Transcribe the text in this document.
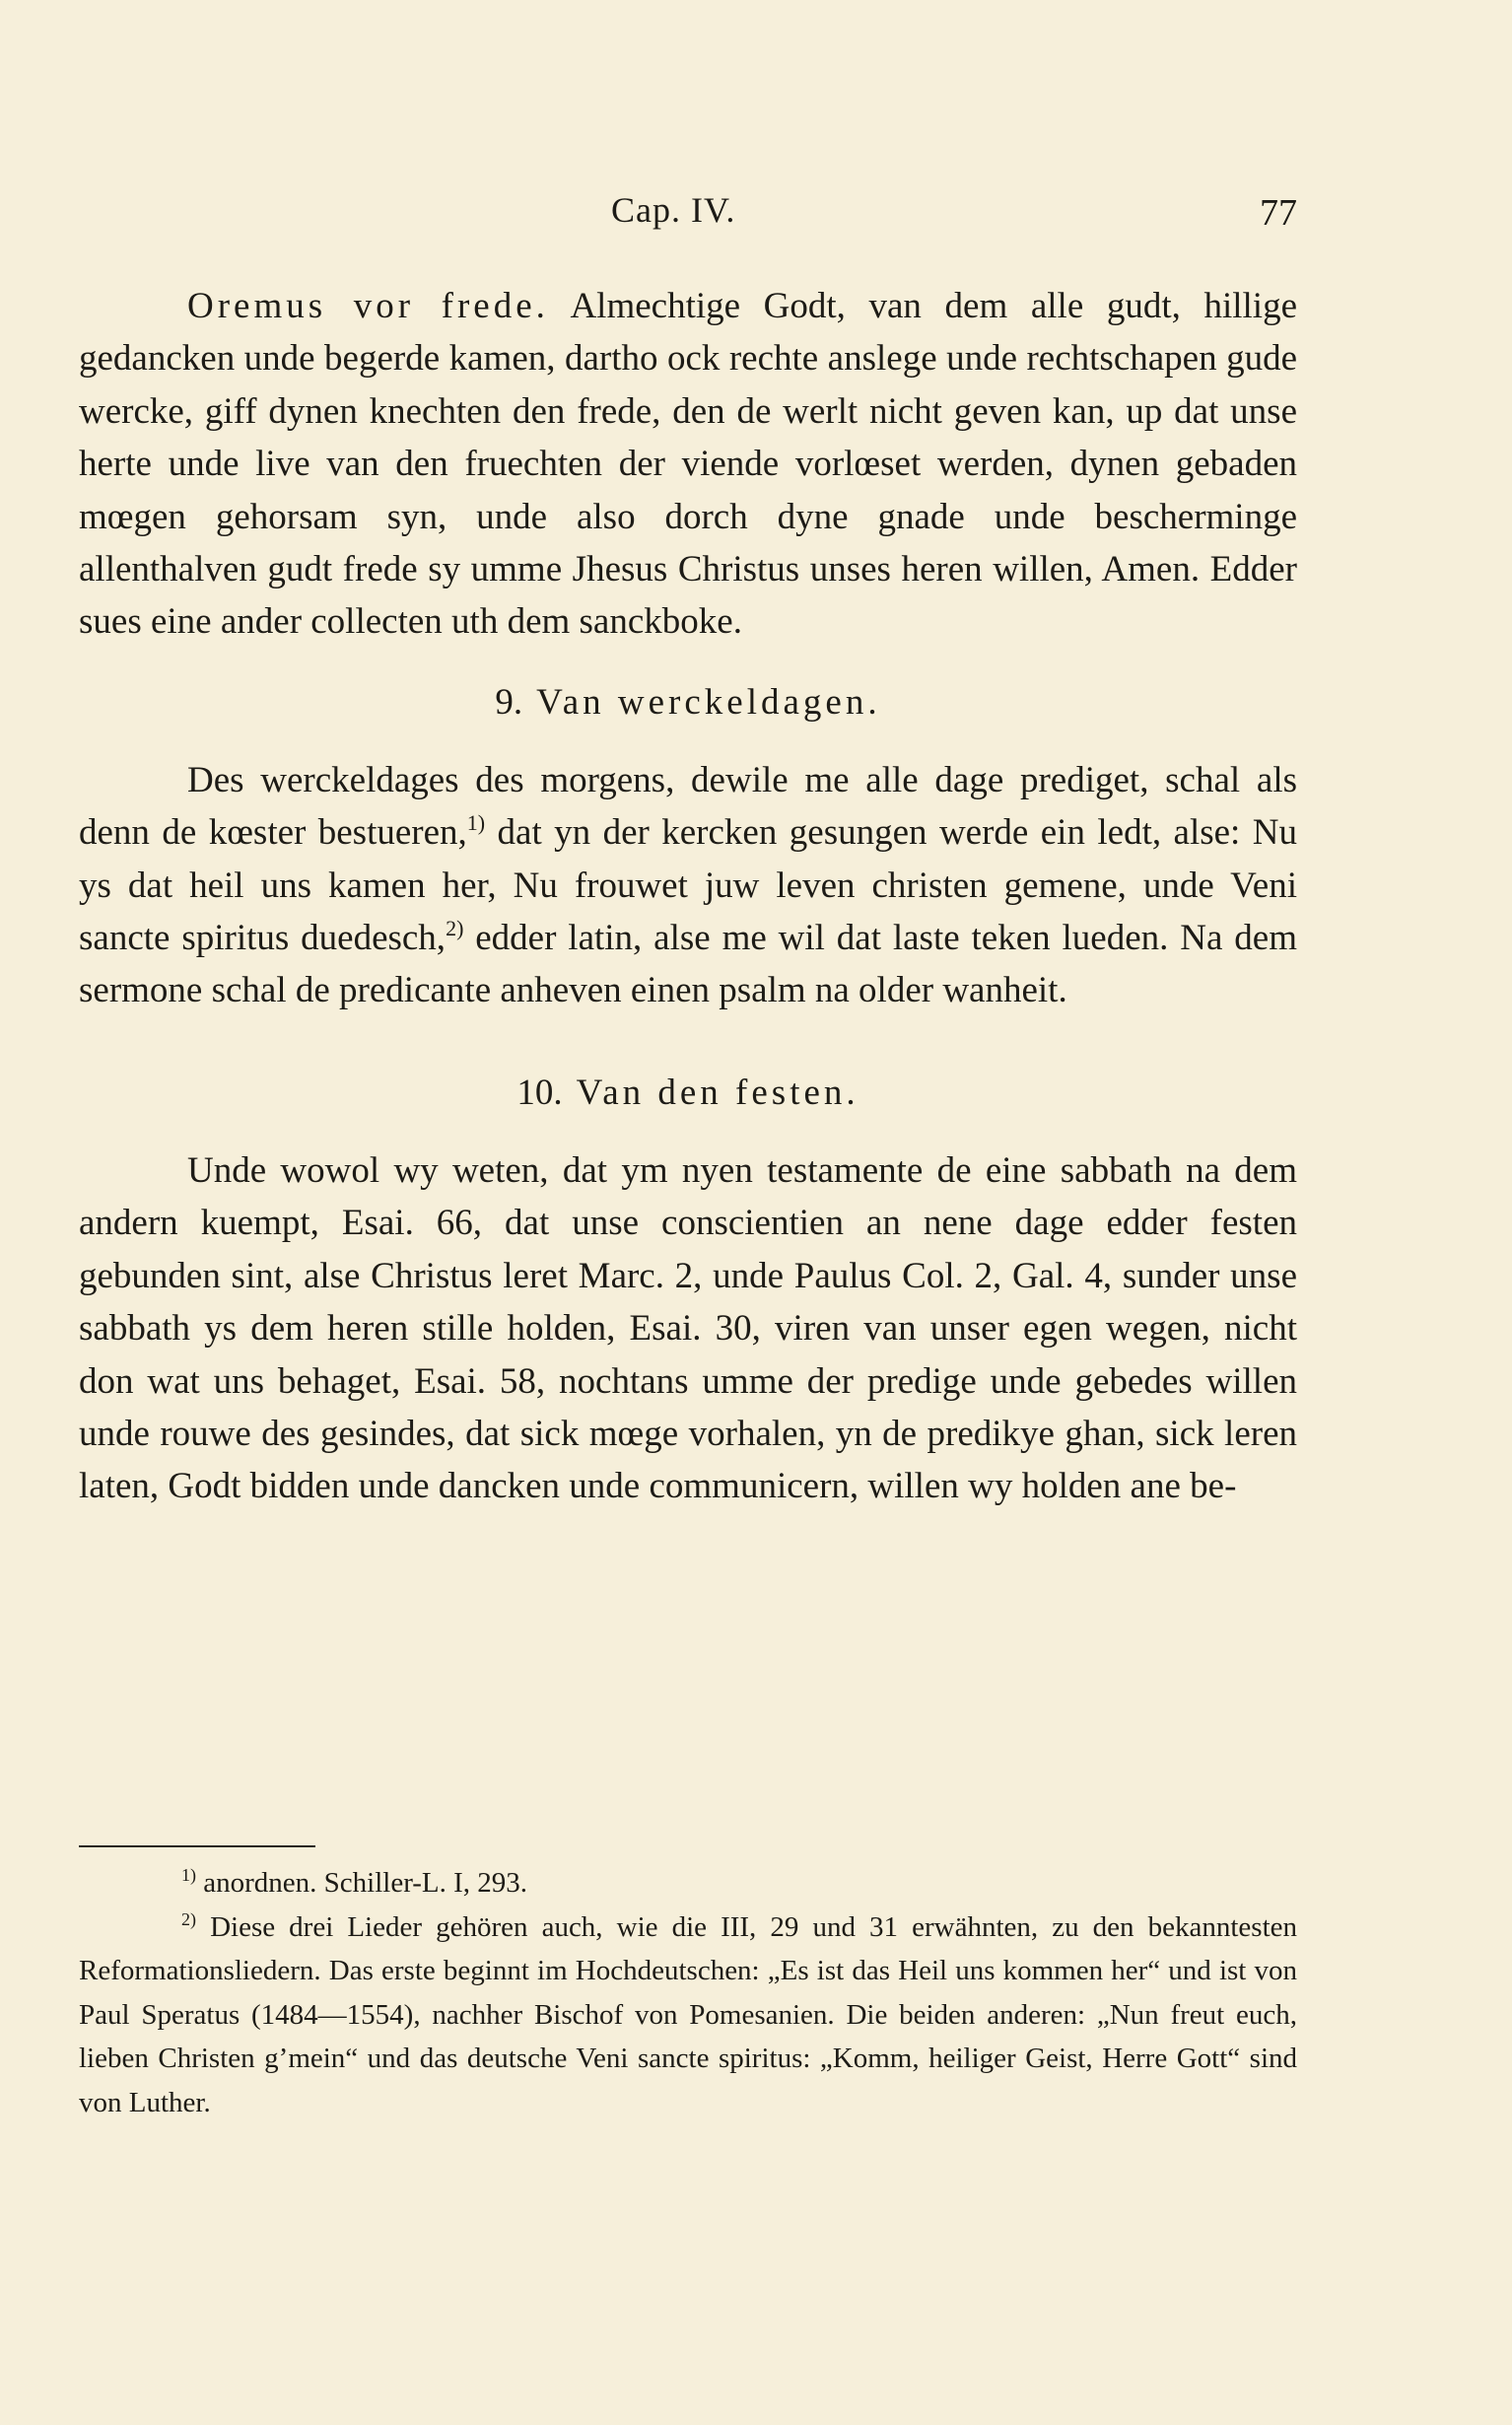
Cap. IV.	77

Oremus vor frede. Almechtige Godt, van dem alle gudt, hillige gedancken unde begerde kamen, dartho ock rechte anslege unde rechtschapen gude wercke, giff dynen knechten den frede, den de werlt nicht geven kan, up dat unse herte unde live van den fruechten der viende vorlœset werden, dynen gebaden mœgen gehorsam syn, unde also dorch dyne gnade unde bescherminge allenthalven gudt frede sy umme Jhesus Christus unses heren willen, Amen. Edder sues eine ander collecten uth dem sanckboke.

9. Van werckeldagen.

Des werckeldages des morgens, dewile me alle dage prediget, schal als denn de kœster bestueren,$^{1)}$ dat yn der kercken gesungen werde ein ledt, alse: Nu ys dat heil uns kamen her, Nu frouwet juw leven christen gemene, unde Veni sancte spiritus duedesch,$^{2)}$ edder latin, alse me wil dat laste teken lueden. Na dem sermone schal de predicante anheven einen psalm na older wanheit.

10. Van den festen.

Unde wowol wy weten, dat ym nyen testamente de eine sabbath na dem andern kuempt, Esai. 66, dat unse conscientien an nene dage edder festen gebunden sint, alse Christus leret Marc. 2, unde Paulus Col. 2, Gal. 4, sunder unse sabbath ys dem heren stille holden, Esai. 30, viren van unser egen wegen, nicht don wat uns behaget, Esai. 58, nochtans umme der predige unde gebedes willen unde rouwe des gesindes, dat sick mœge vorhalen, yn de predikye ghan, sick leren laten, Godt bidden unde dancken unde communicern, willen wy holden ane be-

$^{1)}$ anordnen. Schiller-L. I, 293.

$^{2)}$ Diese drei Lieder gehören auch, wie die III, 29 und 31 erwähnten, zu den bekanntesten Reformationsliedern. Das erste beginnt im Hochdeutschen: „Es ist das Heil uns kommen her“ und ist von Paul Speratus (1484—1554), nachher Bischof von Pomesanien. Die beiden anderen: „Nun freut euch, lieben Christen g’mein“ und das deutsche Veni sancte spiritus: „Komm, heiliger Geist, Herre Gott“ sind von Luther.
